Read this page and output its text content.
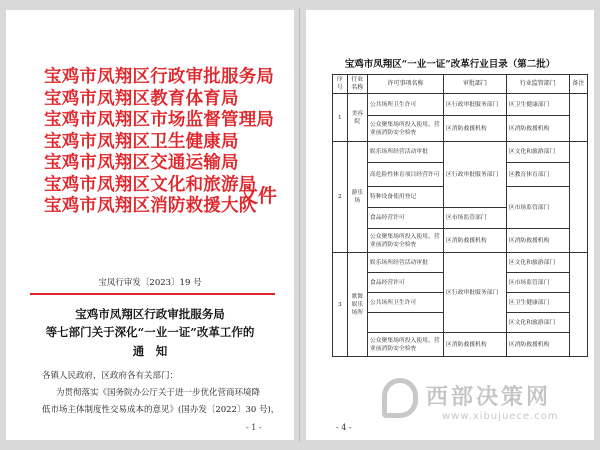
宝鸡市凤翔区行政审批服务局
宝鸡市凤翔区教育体育局
宝鸡市凤翔区市场监督管理局
宝鸡市凤翔区卫生健康局
宝鸡市凤翔区交通运输局
宝鸡市凤翔区文化和旅游局
宝鸡市凤翔区消防救援大队
文件
宝凤行审发〔2023〕19 号
宝鸡市凤翔区行政审批服务局
等七部门关于深化“一业一证”改革工作的
通　知
各镇人民政府，区政府各有关部门：
为贯彻落实《国务院办公厅关于进一步优化营商环境降
低市场主体制度性交易成本的意见》(国办发〔2022〕30 号)，
- 1 -
宝鸡市凤翔区“一业一证”改革行业目录（第二批）
序号	行业名称	许可事项名称	审批部门	行业监管部门	备注
1	美容院	公共场所卫生许可	区行政审批服务部门	区卫生健康部门	
		公众聚集场所投入使用、营业前消防安全检查	区消防救援机构	区消防救援机构	
2	游乐场	娱乐场所经营活动审批	区行政审批服务部门	区文化和旅游部门	
		高危险性体育项目经营许可		区教育体育部门	
		特种设备使用登记		区市场监管部门	
		食品经营许可	区市场监管部门		
		公众聚集场所投入使用、营业前消防安全检查	区消防救援机构	区消防救援机构	
3	歌舞娱乐场所	娱乐场所经营活动审批	区行政审批服务部门	区文化和旅游部门	
		食品经营许可		区市场监管部门	
		公共场所卫生许可		区卫生健康部门	
				区文化和旅游部门	
		公众聚集场所投入使用、营业前消防安全检查	区消防救援机构	区消防救援机构	
- 4 -
西部决策网
www.xibujuece.com
